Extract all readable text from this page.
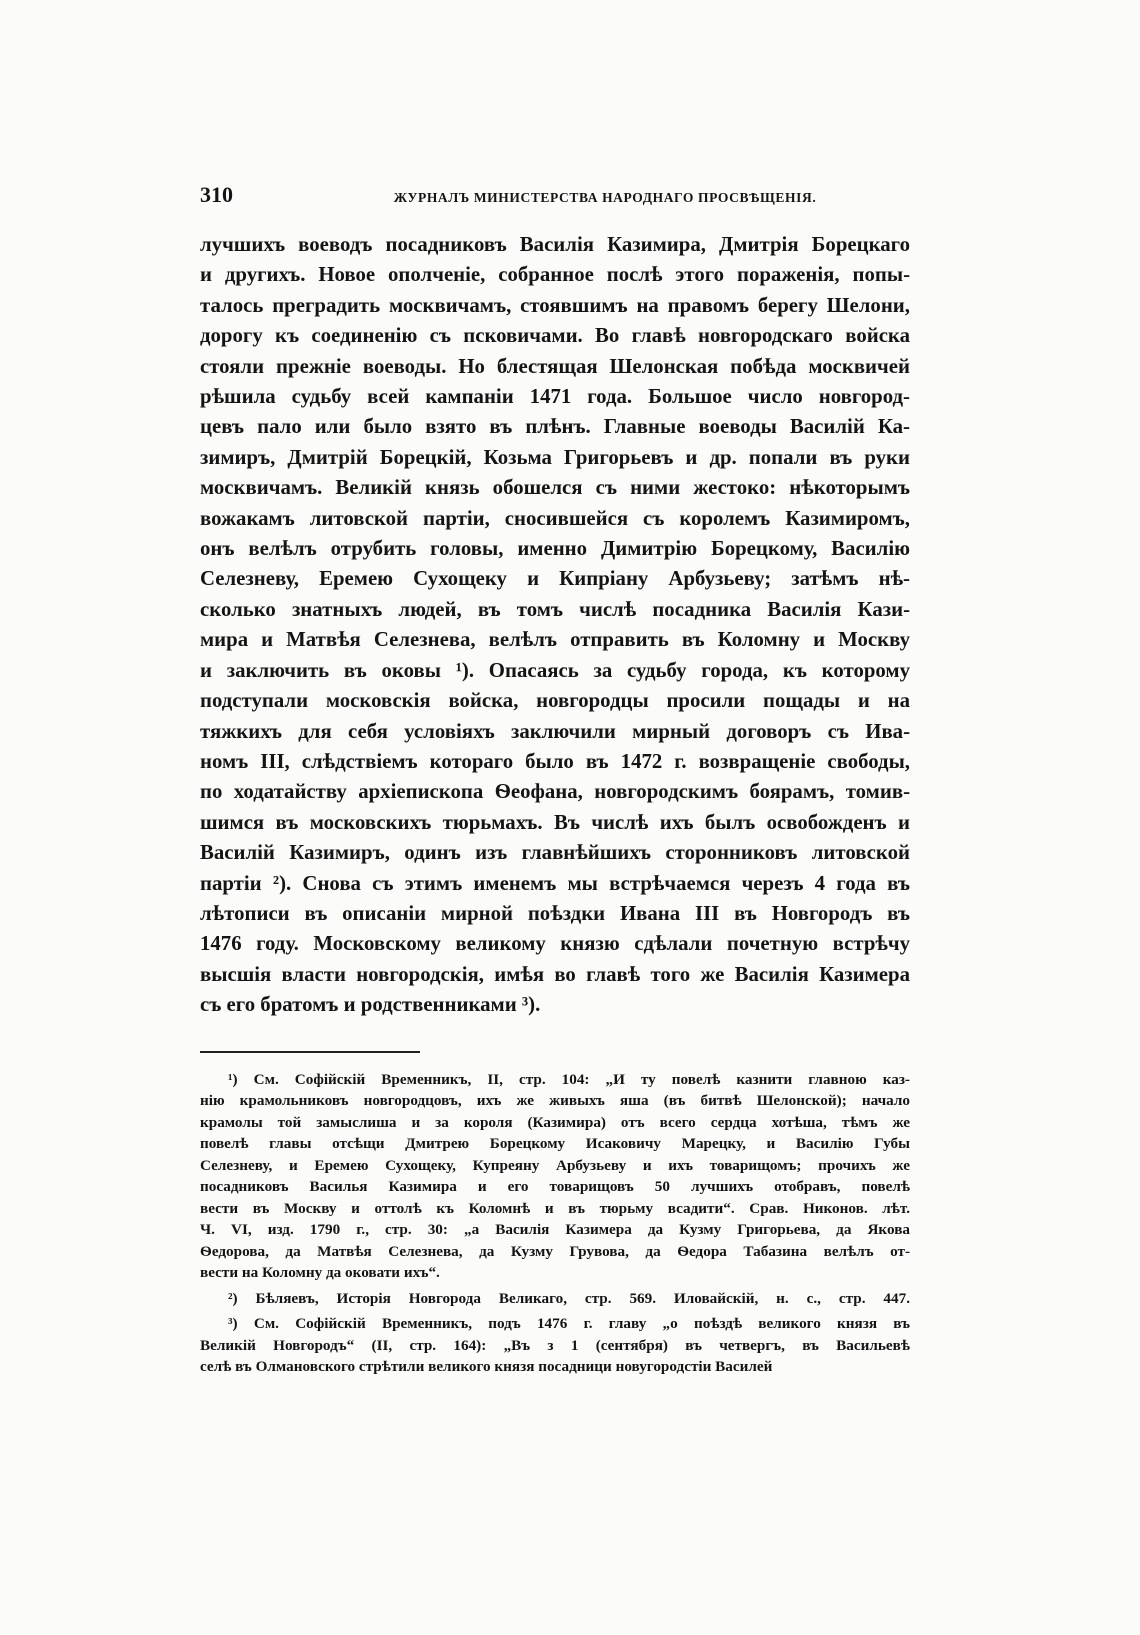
310	ЖУРНАЛЪ МИНИСТЕРСТВА НАРОДНАГО ПРОСВѢЩЕНІЯ.
лучшихъ воеводъ посадниковъ Василія Казимира, Дмитрія Борецкаго
и другихъ. Новое ополченіе, собранное послѣ этого пораженія, попы-
талось преградить москвичамъ, стоявшимъ на правомъ берегу Шелони,
дорогу къ соединенію съ псковичами. Во главѣ новгородскаго войска
стояли прежніе воеводы. Но блестящая Шелонская побѣда москвичей
рѣшила судьбу всей кампаніи 1471 года. Большое число новгород-
цевъ пало или было взято въ плѣнъ. Главные воеводы Василій Ка-
зимиръ, Дмитрій Борецкій, Козьма Григорьевъ и др. попали въ руки
москвичамъ. Великій князь обошелся съ ними жестоко: нѣкоторымъ
вожакамъ литовской партіи, сносившейся съ королемъ Казимиромъ,
онъ велѣлъ отрубить головы, именно Димитрію Борецкому, Василію
Селезневу, Еремею Сухощеку и Кипріану Арбузьеву; затѣмъ нѣ-
сколько знатныхъ людей, въ томъ числѣ посадника Василія Кази-
мира и Матвѣя Селезнева, велѣлъ отправить въ Коломну и Москву
и заключить въ оковы ¹). Опасаясь за судьбу города, къ которому
подступали московскія войска, новгородцы просили пощады и на
тяжкихъ для себя условіяхъ заключили мирный договоръ съ Ива-
номъ III, слѣдствіемъ котораго было въ 1472 г. возвращеніе свободы,
по ходатайству архіепископа Ѳеофана, новгородскимъ боярамъ, томив-
шимся въ московскихъ тюрьмахъ. Въ числѣ ихъ былъ освобожденъ и
Василій Казимиръ, одинъ изъ главнѣйшихъ сторонниковъ литовской
партіи ²). Снова съ этимъ именемъ мы встрѣчаемся черезъ 4 года въ
лѣтописи въ описаніи мирной поѣздки Ивана III въ Новгородъ въ
1476 году. Московскому великому князю сдѣлали почетную встрѣчу
высшія власти новгородскія, имѣя во главѣ того же Василія Казимера
съ его братомъ и родственниками ³).
¹) См. Софійскій Временникъ, II, стр. 104: „И ту повелѣ казнити главною каз-
нію крамольниковъ новгородцовъ, ихъ же живыхъ яша (въ битвѣ Шелонской); начало
крамолы той замыслиша и за короля (Казимира) отъ всего сердца хотѣша, тѣмъ же
повелѣ главы отсѣщи Дмитрею Борецкому Исаковичу Марецку, и Василію Губы
Селезневу, и Еремею Сухощеку, Купреяну Арбузьеву и ихъ товарищомъ; прочихъ же
посадниковъ Василья Казимира и его товарищовъ 50 лучшихъ отобравъ, повелѣ
вести въ Москву и оттолѣ къ Коломнѣ и въ тюрьму всадити“. Срав. Никонов. лѣт.
Ч. VI, изд. 1790 г., стр. 30: „а Василія Казимера да Кузму Григорьева, да Якова
Ѳедорова, да Матвѣя Селезнева, да Кузму Грувова, да Ѳедора Табазина велѣлъ от-
вести на Коломну да оковати ихъ“.
²) Бѣляевъ, Исторія Новгорода Великаго, стр. 569. Иловайскій, н. с., стр. 447.
³) См. Софійскій Временникъ, подъ 1476 г. главу „о поѣздѣ великого князя въ
Великій Новгородъ“ (II, стр. 164): „Въ з 1 (сентября) въ четвергъ, въ Васильевѣ
селѣ въ Олмановского стрѣтили великого князя посадници новугородстіи Василей
